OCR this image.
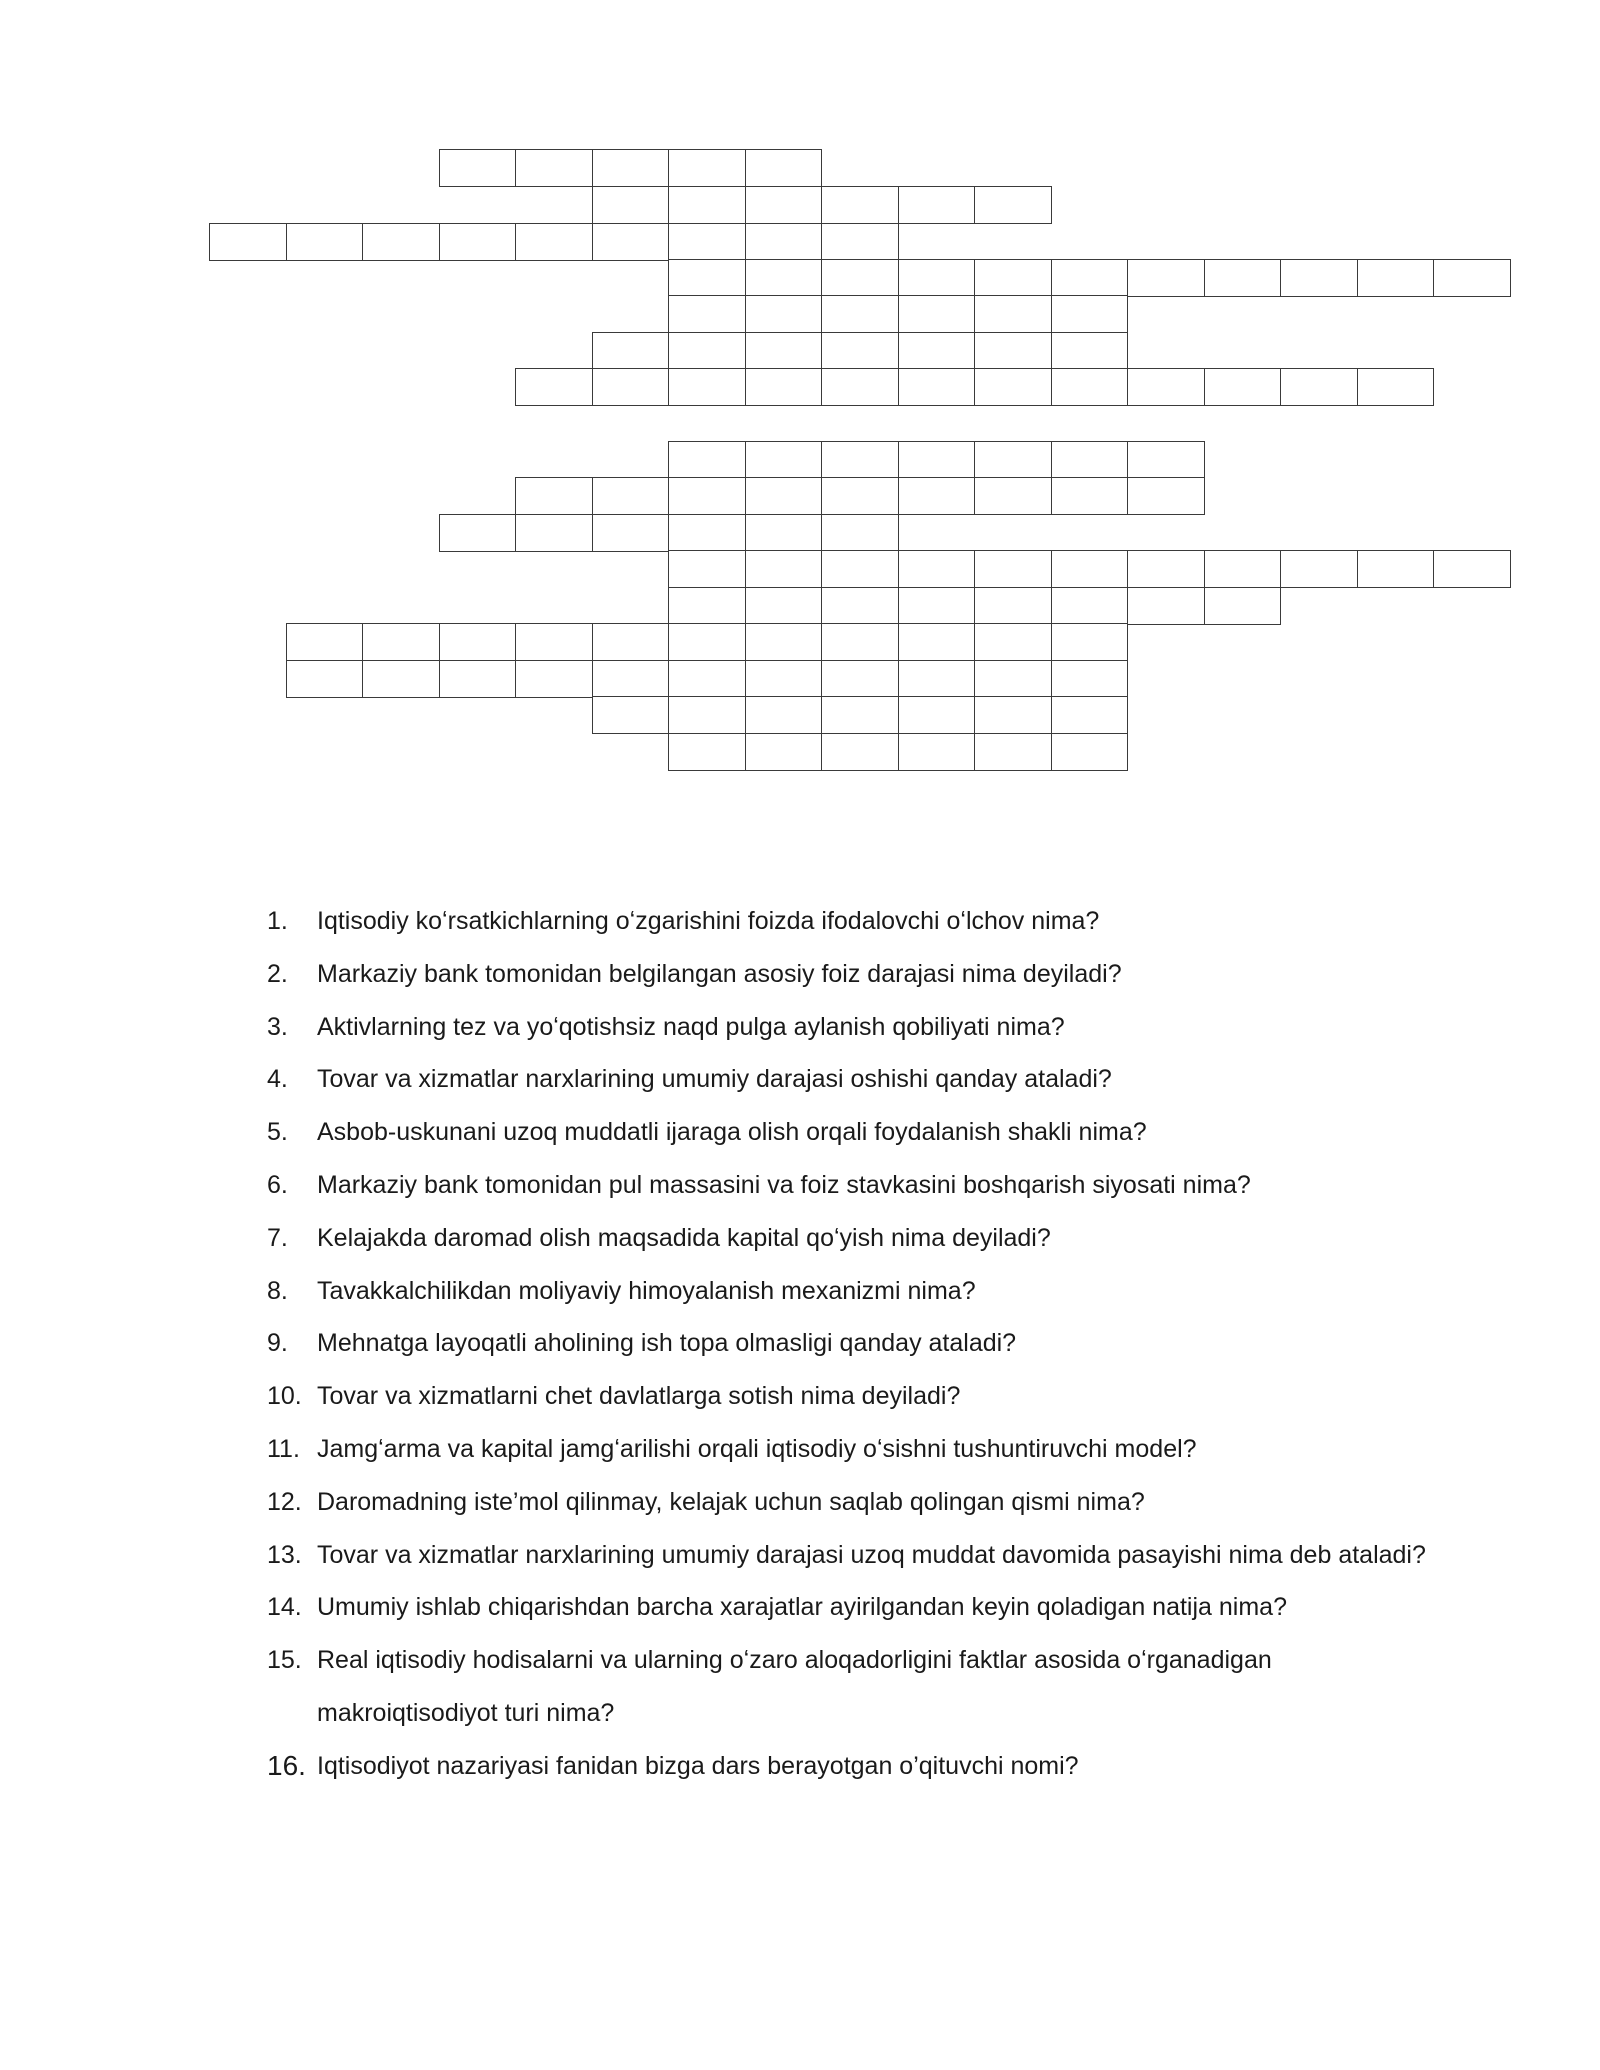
1. Iqtisodiy koʻrsatkichlarning oʻzgarishini foizda ifodalovchi oʻlchov nima?
2. Markaziy bank tomonidan belgilangan asosiy foiz darajasi nima deyiladi?
3. Aktivlarning tez va yoʻqotishsiz naqd pulga aylanish qobiliyati nima?
4. Tovar va xizmatlar narxlarining umumiy darajasi oshishi qanday ataladi?
5. Asbob-uskunani uzoq muddatli ijaraga olish orqali foydalanish shakli nima?
6. Markaziy bank tomonidan pul massasini va foiz stavkasini boshqarish siyosati nima?
7. Kelajakda daromad olish maqsadida kapital qoʻyish nima deyiladi?
8. Tavakkalchilikdan moliyaviy himoyalanish mexanizmi nima?
9. Mehnatga layoqatli aholining ish topa olmasligi qanday ataladi?
10. Tovar va xizmatlarni chet davlatlarga sotish nima deyiladi?
11. Jamgʻarma va kapital jamgʻarilishi orqali iqtisodiy oʻsishni tushuntiruvchi model?
12. Daromadning iste’mol qilinmay, kelajak uchun saqlab qolingan qismi nima?
13. Tovar va xizmatlar narxlarining umumiy darajasi uzoq muddat davomida pasayishi nima deb ataladi?
14. Umumiy ishlab chiqarishdan barcha xarajatlar ayirilgandan keyin qoladigan natija nima?
15. Real iqtisodiy hodisalarni va ularning oʻzaro aloqadorligini faktlar asosida oʻrganadigan makroiqtisodiyot turi nima?
16. Iqtisodiyot nazariyasi fanidan bizga dars berayotgan o’qituvchi nomi?
